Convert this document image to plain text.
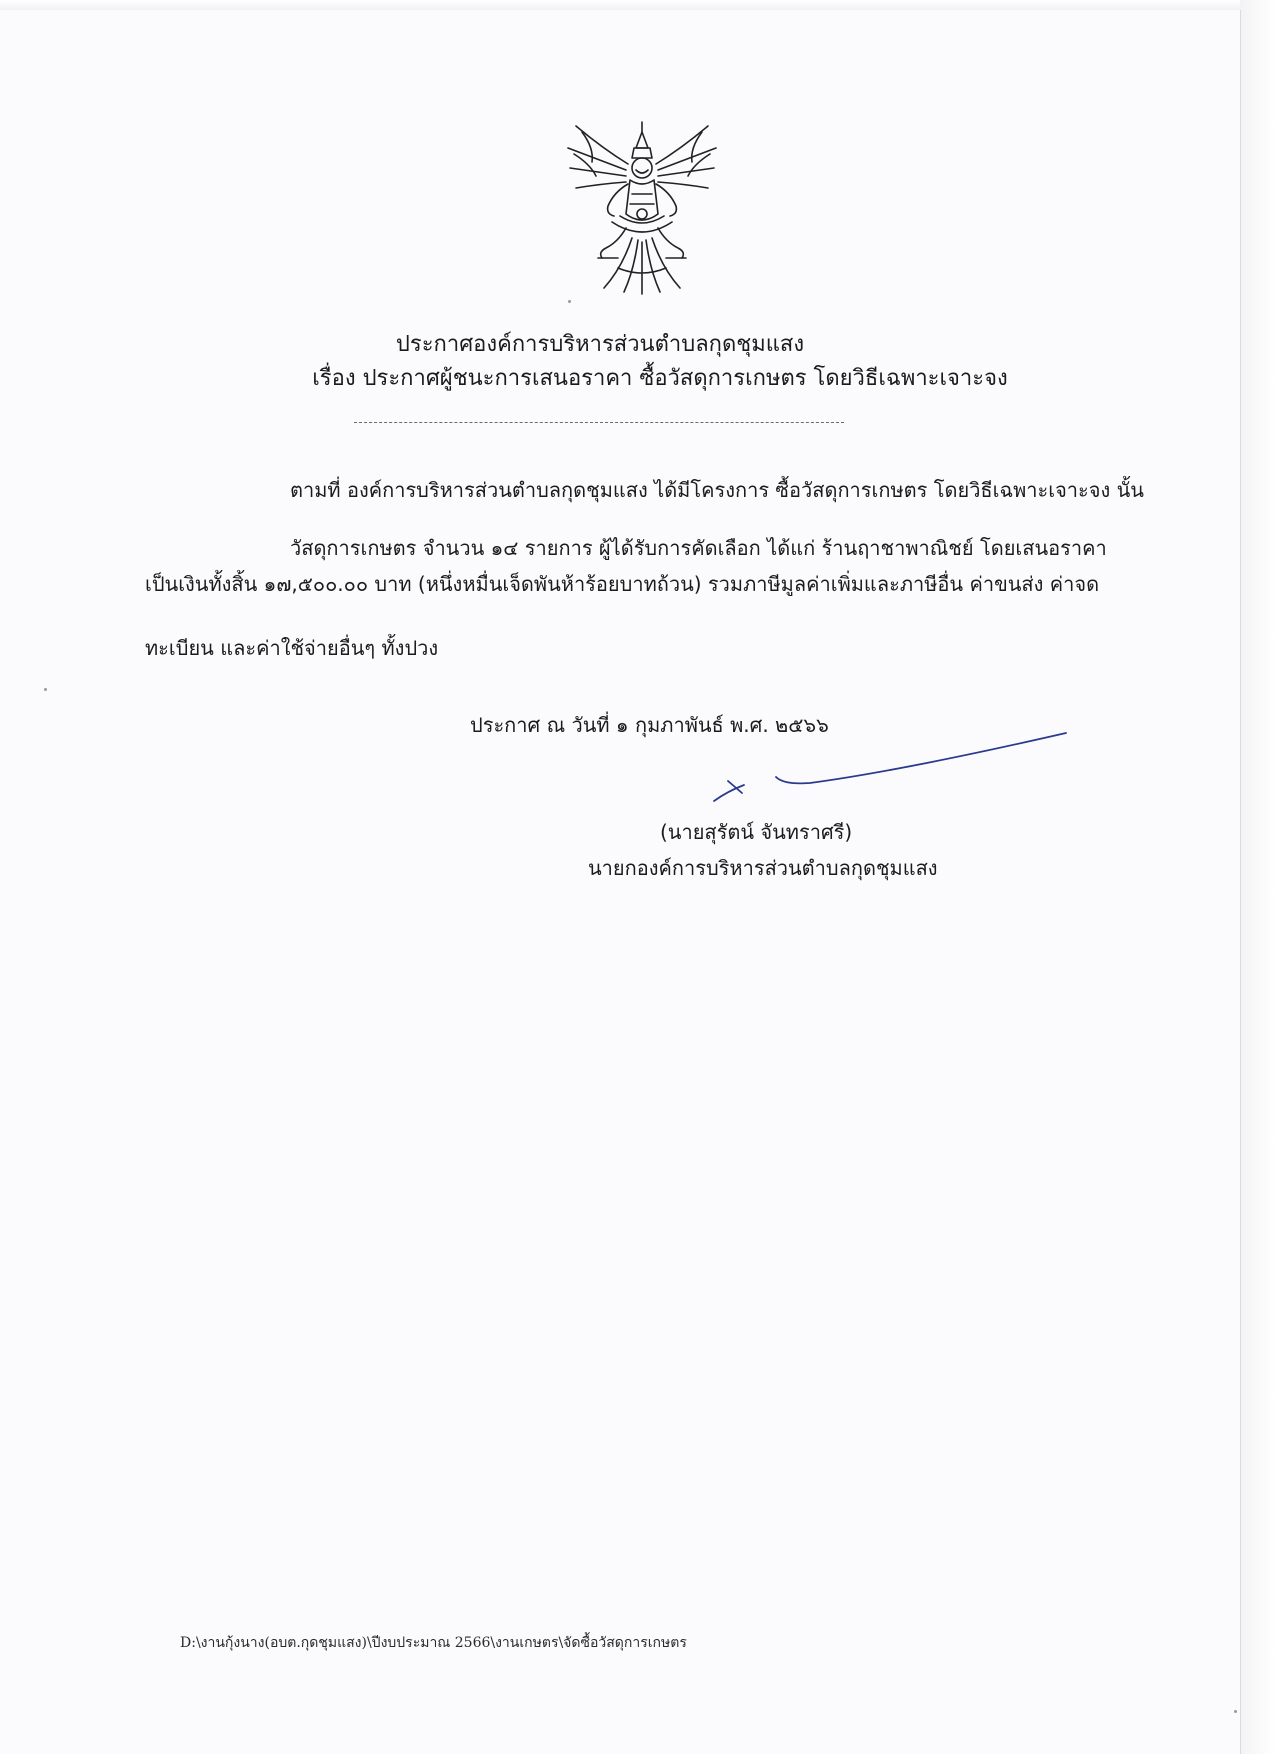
ประกาศองค์การบริหารส่วนตำบลกุดชุมแสง
เรื่อง ประกาศผู้ชนะการเสนอราคา ซื้อวัสดุการเกษตร โดยวิธีเฉพาะเจาะจง
ตามที่ องค์การบริหารส่วนตำบลกุดชุมแสง ได้มีโครงการ ซื้อวัสดุการเกษตร โดยวิธีเฉพาะเจาะจง นั้น
วัสดุการเกษตร จำนวน ๑๔ รายการ ผู้ได้รับการคัดเลือก ได้แก่ ร้านฤาชาพาณิชย์ โดยเสนอราคา
เป็นเงินทั้งสิ้น ๑๗,๕๐๐.๐๐ บาท (หนึ่งหมื่นเจ็ดพันห้าร้อยบาทถ้วน) รวมภาษีมูลค่าเพิ่มและภาษีอื่น ค่าขนส่ง ค่าจด
ทะเบียน และค่าใช้จ่ายอื่นๆ ทั้งปวง
ประกาศ ณ วันที่ ๑ กุมภาพันธ์ พ.ศ. ๒๕๖๖
(นายสุรัตน์ จันทราศรี)
นายกองค์การบริหารส่วนตำบลกุดชุมแสง
D:\งานกุ้งนาง(อบต.กุดชุมแสง)\ปีงบประมาณ 2566\งานเกษตร\จัดซื้อวัสดุการเกษตร
